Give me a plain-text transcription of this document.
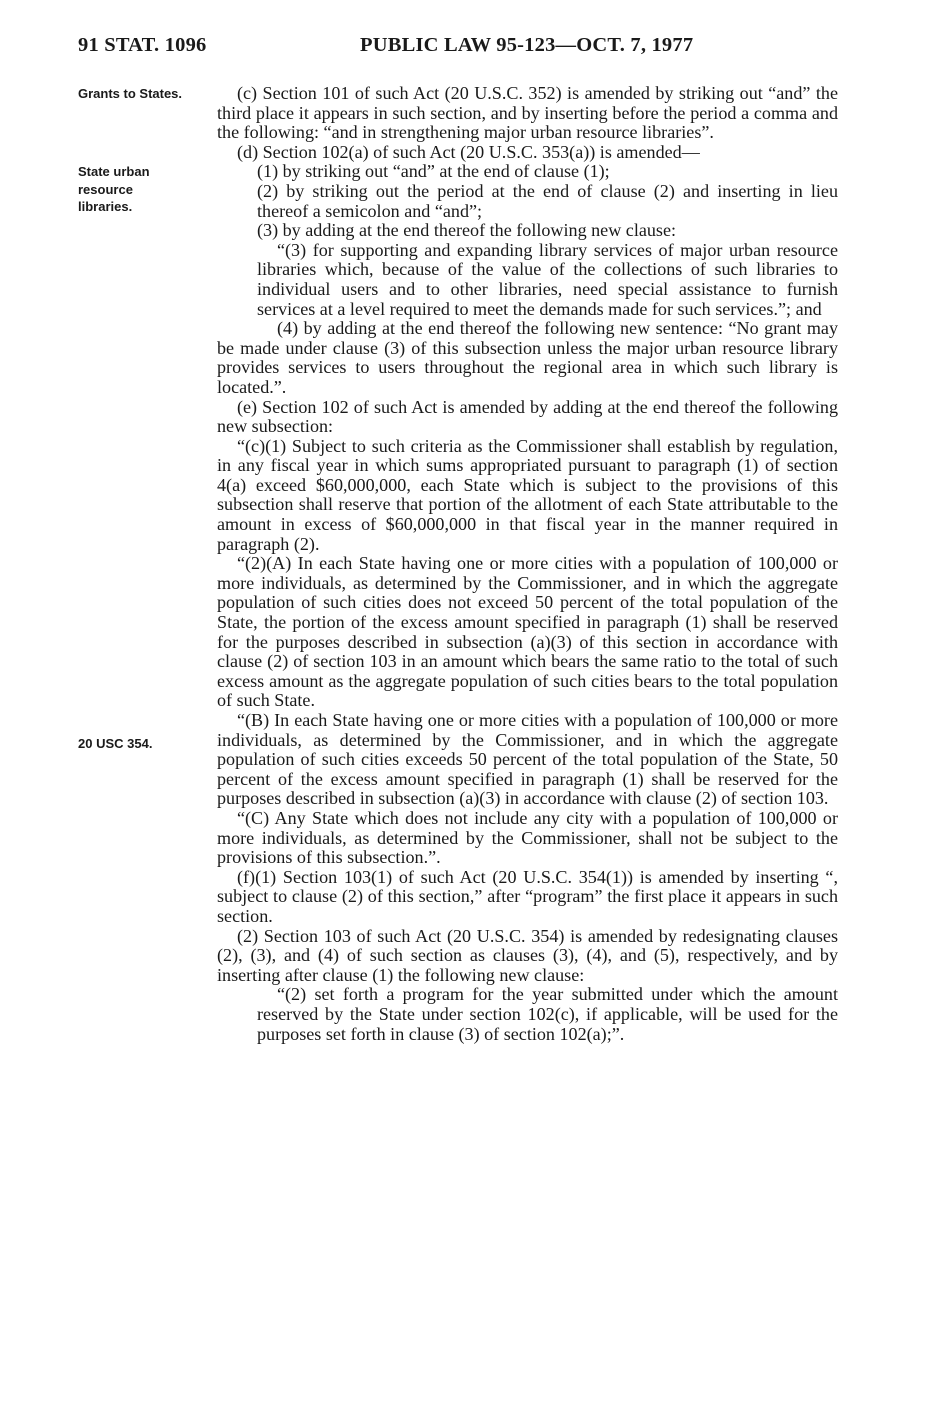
91 STAT. 1096	PUBLIC LAW 95-123—OCT. 7, 1977
Grants to States.
State urban
resource
libraries.
20 USC 354.

(c) Section 101 of such Act (20 U.S.C. 352) is amended by striking out “and” the third place it appears in such section, and by inserting before the period a comma and the following: “and in strengthening major urban resource libraries”.

(d) Section 102(a) of such Act (20 U.S.C. 353(a)) is amended—

(1) by striking out “and” at the end of clause (1);

(2) by striking out the period at the end of clause (2) and inserting in lieu thereof a semicolon and “and”;

(3) by adding at the end thereof the following new clause:

“(3) for supporting and expanding library services of major urban resource libraries which, because of the value of the collections of such libraries to individual users and to other libraries, need special assistance to furnish services at a level required to meet the demands made for such services.”; and

(4) by adding at the end thereof the following new sentence: “No grant may be made under clause (3) of this subsection unless the major urban resource library provides services to users throughout the regional area in which such library is located.”.

(e) Section 102 of such Act is amended by adding at the end thereof the following new subsection:

“(c)(1) Subject to such criteria as the Commissioner shall establish by regulation, in any fiscal year in which sums appropriated pursuant to paragraph (1) of section 4(a) exceed $60,000,000, each State which is subject to the provisions of this subsection shall reserve that portion of the allotment of each State attributable to the amount in excess of $60,000,000 in that fiscal year in the manner required in paragraph (2).

“(2)(A) In each State having one or more cities with a population of 100,000 or more individuals, as determined by the Commissioner, and in which the aggregate population of such cities does not exceed 50 percent of the total population of the State, the portion of the excess amount specified in paragraph (1) shall be reserved for the purposes described in subsection (a)(3) of this section in accordance with clause (2) of section 103 in an amount which bears the same ratio to the total of such excess amount as the aggregate population of such cities bears to the total population of such State.

“(B) In each State having one or more cities with a population of 100,000 or more individuals, as determined by the Commissioner, and in which the aggregate population of such cities exceeds 50 percent of the total population of the State, 50 percent of the excess amount specified in paragraph (1) shall be reserved for the purposes described in subsection (a)(3) in accordance with clause (2) of section 103.

“(C) Any State which does not include any city with a population of 100,000 or more individuals, as determined by the Commissioner, shall not be subject to the provisions of this subsection.”.

(f)(1) Section 103(1) of such Act (20 U.S.C. 354(1)) is amended by inserting “, subject to clause (2) of this section,” after “program” the first place it appears in such section.

(2) Section 103 of such Act (20 U.S.C. 354) is amended by redesignating clauses (2), (3), and (4) of such section as clauses (3), (4), and (5), respectively, and by inserting after clause (1) the following new clause:

“(2) set forth a program for the year submitted under which the amount reserved by the State under section 102(c), if applicable, will be used for the purposes set forth in clause (3) of section 102(a);”.
